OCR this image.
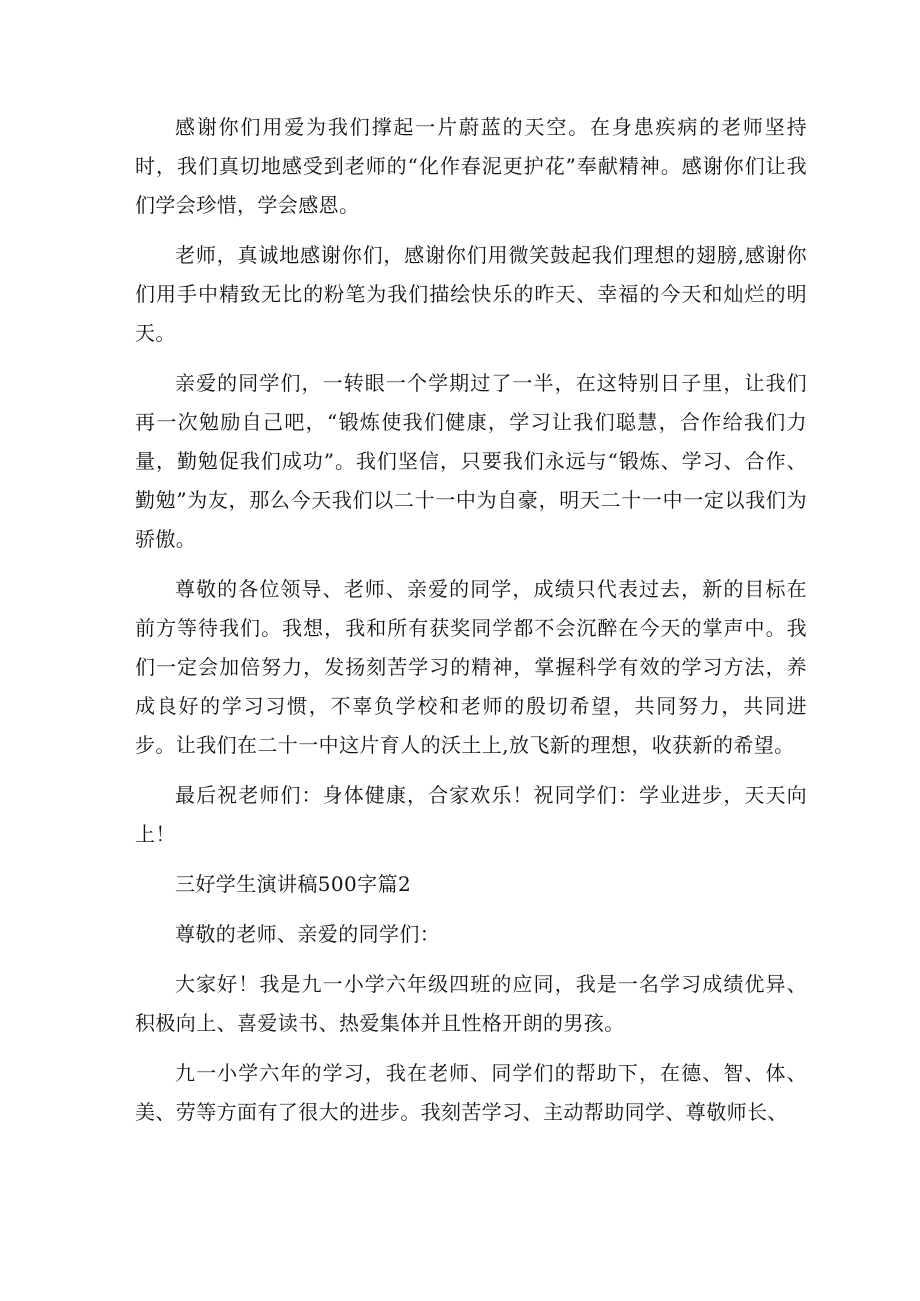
感谢你们用爱为我们撑起一片蔚蓝的天空。在身患疾病的老师坚持时，我们真切地感受到老师的“化作春泥更护花”奉献精神。感谢你们让我们学会珍惜，学会感恩。

老师，真诚地感谢你们，感谢你们用微笑鼓起我们理想的翅膀,感谢你们用手中精致无比的粉笔为我们描绘快乐的昨天、幸福的今天和灿烂的明天。

亲爱的同学们，一转眼一个学期过了一半，在这特别日子里，让我们再一次勉励自己吧，“锻炼使我们健康，学习让我们聪慧，合作给我们力量，勤勉促我们成功”。我们坚信，只要我们永远与“锻炼、学习、合作、勤勉”为友，那么今天我们以二十一中为自豪，明天二十一中一定以我们为骄傲。

尊敬的各位领导、老师、亲爱的同学，成绩只代表过去，新的目标在前方等待我们。我想，我和所有获奖同学都不会沉醉在今天的掌声中。我们一定会加倍努力，发扬刻苦学习的精神，掌握科学有效的学习方法，养成良好的学习习惯，不辜负学校和老师的殷切希望，共同努力，共同进步。让我们在二十一中这片育人的沃土上,放飞新的理想，收获新的希望。

最后祝老师们：身体健康，合家欢乐！祝同学们：学业进步，天天向上！

三好学生演讲稿500字篇2

尊敬的老师、亲爱的同学们：

大家好！我是九一小学六年级四班的应同，我是一名学习成绩优异、积极向上、喜爱读书、热爱集体并且性格开朗的男孩。

九一小学六年的学习，我在老师、同学们的帮助下，在德、智、体、美、劳等方面有了很大的进步。我刻苦学习、主动帮助同学、尊敬师长、
